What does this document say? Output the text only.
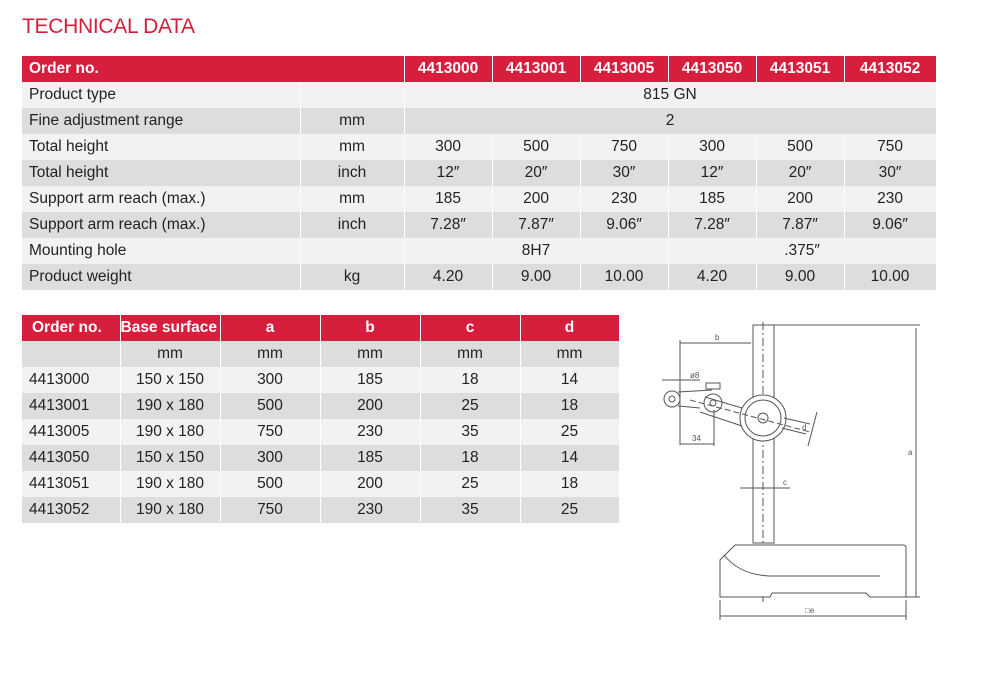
TECHNICAL DATA
Order no.		4413000	4413001	4413005	4413050	4413051	4413052
Product type		815 GN					
Fine adjustment range	mm	2					
Total height	mm	300	500	750	300	500	750
Total height	inch	12″	20″	30″	12″	20″	30″
Support arm reach (max.)	mm	185	200	230	185	200	230
Support arm reach (max.)	inch	7.28″	7.87″	9.06″	7.28″	7.87″	9.06″
Mounting hole		8H7			.375″		
Product weight	kg	4.20	9.00	10.00	4.20	9.00	10.00
Order no.	Base surface	a	b	c	d
	mm	mm	mm	mm	mm
4413000	150 x 150	300	185	18	14
4413001	190 x 180	500	200	25	18
4413005	190 x 180	750	230	35	25
4413050	150 x 150	300	185	18	14
4413051	190 x 180	500	200	25	18
4413052	190 x 180	750	230	35	25
b
ø8
34
c
d
a
□e
